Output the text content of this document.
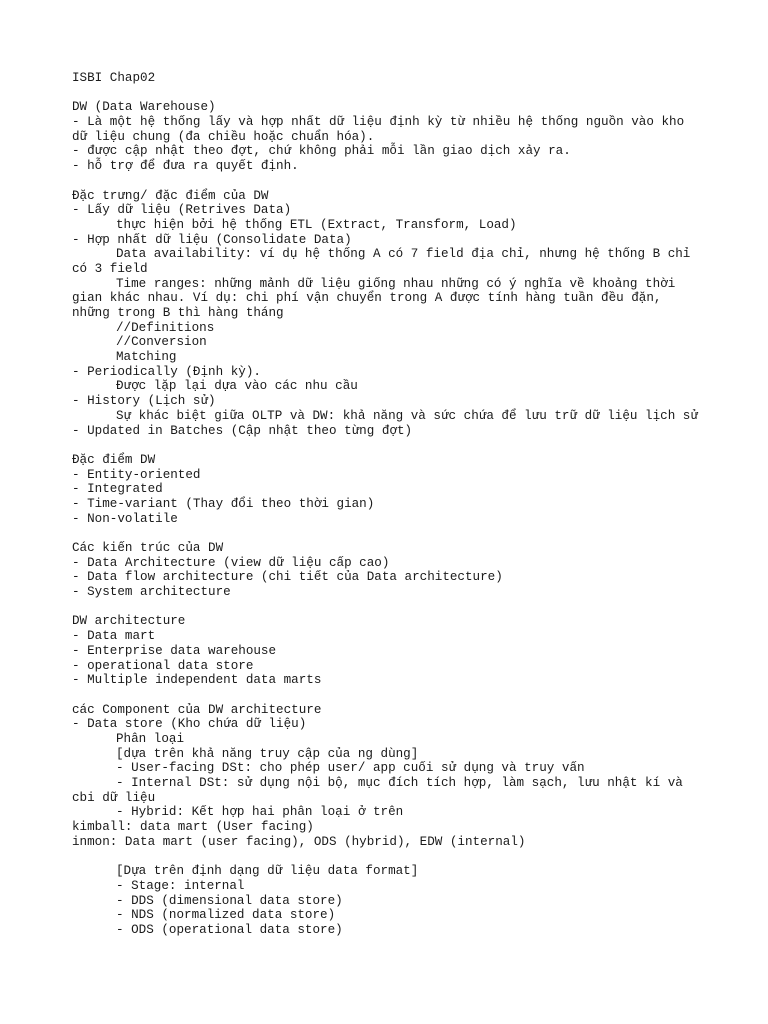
ISBI Chap02
DW (Data Warehouse)
- Là một hệ thống lấy và hợp nhất dữ liệu định kỳ từ nhiều hệ thống nguồn vào kho
dữ liệu chung (đa chiều hoặc chuẩn hóa).
- được cập nhật theo đợt, chứ không phải mỗi lần giao dịch xảy ra.
- hỗ trợ để đưa ra quyết định.
Đặc trưng/ đặc điểm của DW
- Lấy dữ liệu (Retrives Data)
thực hiện bởi hệ thống ETL (Extract, Transform, Load)
- Hợp nhất dữ liệu (Consolidate Data)
Data availability: ví dụ hệ thống A có 7 field địa chỉ, nhưng hệ thống B chỉ
có 3 field
Time ranges: những mảnh dữ liệu giống nhau những có ý nghĩa về khoảng thời
gian khác nhau. Ví dụ: chi phí vận chuyển trong A được tính hàng tuần đều đặn,
những trong B thì hàng tháng
//Definitions
//Conversion
Matching
- Periodically (Định kỳ).
Được lặp lại dựa vào các nhu cầu
- History (Lịch sử)
Sự khác biệt giữa OLTP và DW: khả năng và sức chứa để lưu trữ dữ liệu lịch sử
- Updated in Batches (Cập nhật theo từng đợt)
Đặc điểm DW
- Entity-oriented
- Integrated
- Time-variant (Thay đổi theo thời gian)
- Non-volatile
Các kiến trúc của DW
- Data Architecture (view dữ liệu cấp cao)
- Data flow architecture (chi tiết của Data architecture)
- System architecture
DW architecture
- Data mart
- Enterprise data warehouse
- operational data store
- Multiple independent data marts
các Component của DW architecture
- Data store (Kho chứa dữ liệu)
Phân loại
[dựa trên khả năng truy cập của ng dùng]
- User-facing DSt: cho phép user/ app cuối sử dụng và truy vấn
- Internal DSt: sử dụng nội bộ, mục đích tích hợp, làm sạch, lưu nhật kí và
cbi dữ liệu
- Hybrid: Kết hợp hai phân loại ở trên
kimball: data mart (User facing)
inmon: Data mart (user facing), ODS (hybrid), EDW (internal)
[Dựa trên định dạng dữ liệu data format]
- Stage: internal
- DDS (dimensional data store)
- NDS (normalized data store)
- ODS (operational data store)
